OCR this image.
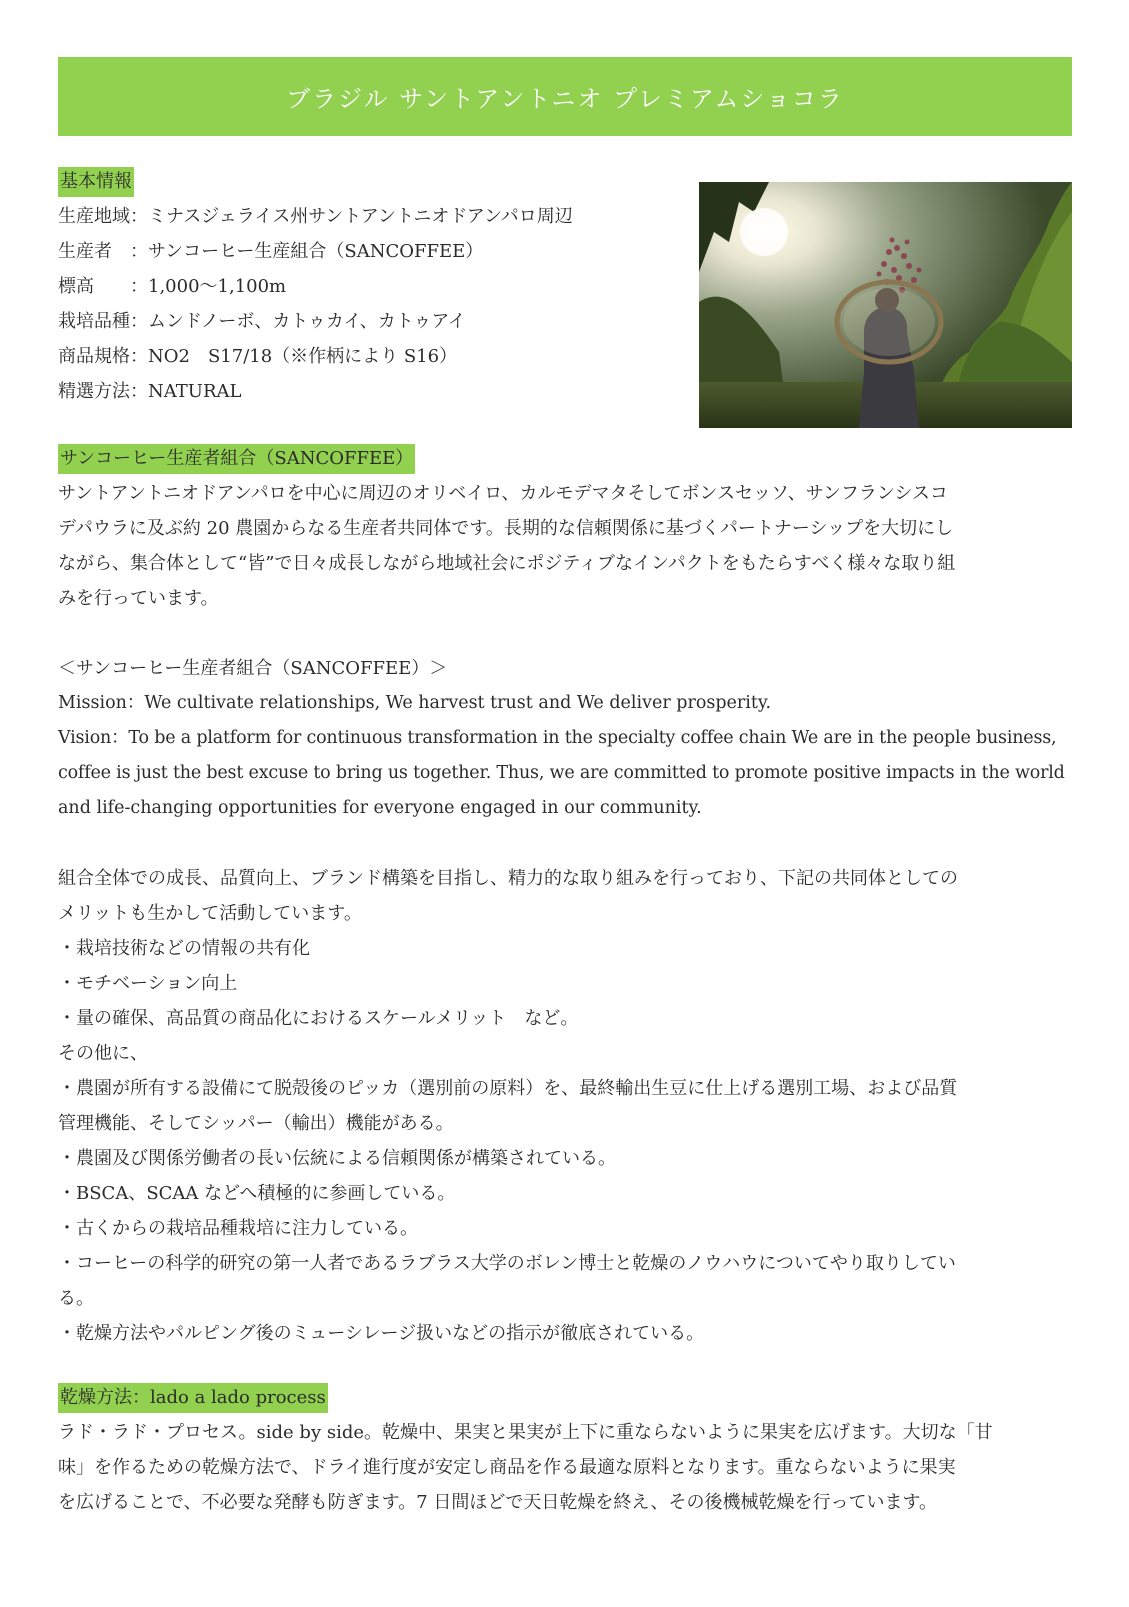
ブラジル サントアントニオ プレミアムショコラ
基本情報
生産地域：ミナスジェライス州サントアントニオドアンパロ周辺
生産者　：サンコーヒー生産組合（SANCOFFEE）
標高　　：1,000〜1,100m
栽培品種：ムンドノーボ、カトゥカイ、カトゥアイ
商品規格：NO2　S17/18（※作柄により S16）
精選方法：NATURAL
サンコーヒー生産者組合（SANCOFFEE）
サントアントニオドアンパロを中心に周辺のオリベイロ、カルモデマタそしてボンスセッソ、サンフランシスコ
デパウラに及ぶ約 20 農園からなる生産者共同体です。長期的な信頼関係に基づくパートナーシップを大切にし
ながら、集合体として“皆”で日々成長しながら地域社会にポジティブなインパクトをもたらすべく様々な取り組
みを行っています。
＜サンコーヒー生産者組合（SANCOFFEE）＞
Mission：We cultivate relationships, We harvest trust and We deliver prosperity.
Vision：To be a platform for continuous transformation in the specialty coffee chain We are in the people business,
coffee is just the best excuse to bring us together. Thus, we are committed to promote positive impacts in the world
and life-changing opportunities for everyone engaged in our community.
組合全体での成長、品質向上、ブランド構築を目指し、精力的な取り組みを行っており、下記の共同体としての
メリットも生かして活動しています。
・栽培技術などの情報の共有化
・モチベーション向上
・量の確保、高品質の商品化におけるスケールメリット　など。
その他に、
・農園が所有する設備にて脱殻後のピッカ（選別前の原料）を、最終輸出生豆に仕上げる選別工場、および品質
管理機能、そしてシッパー（輸出）機能がある。
・農園及び関係労働者の長い伝統による信頼関係が構築されている。
・BSCA、SCAA などへ積極的に参画している。
・古くからの栽培品種栽培に注力している。
・コーヒーの科学的研究の第一人者であるラブラス大学のボレン博士と乾燥のノウハウについてやり取りしてい
る。
・乾燥方法やパルピング後のミューシレージ扱いなどの指示が徹底されている。
乾燥方法：lado a lado process
ラド・ラド・プロセス。side by side。乾燥中、果実と果実が上下に重ならないように果実を広げます。大切な「甘
味」を作るための乾燥方法で、ドライ進行度が安定し商品を作る最適な原料となります。重ならないように果実
を広げることで、不必要な発酵も防ぎます。7 日間ほどで天日乾燥を終え、その後機械乾燥を行っています。
